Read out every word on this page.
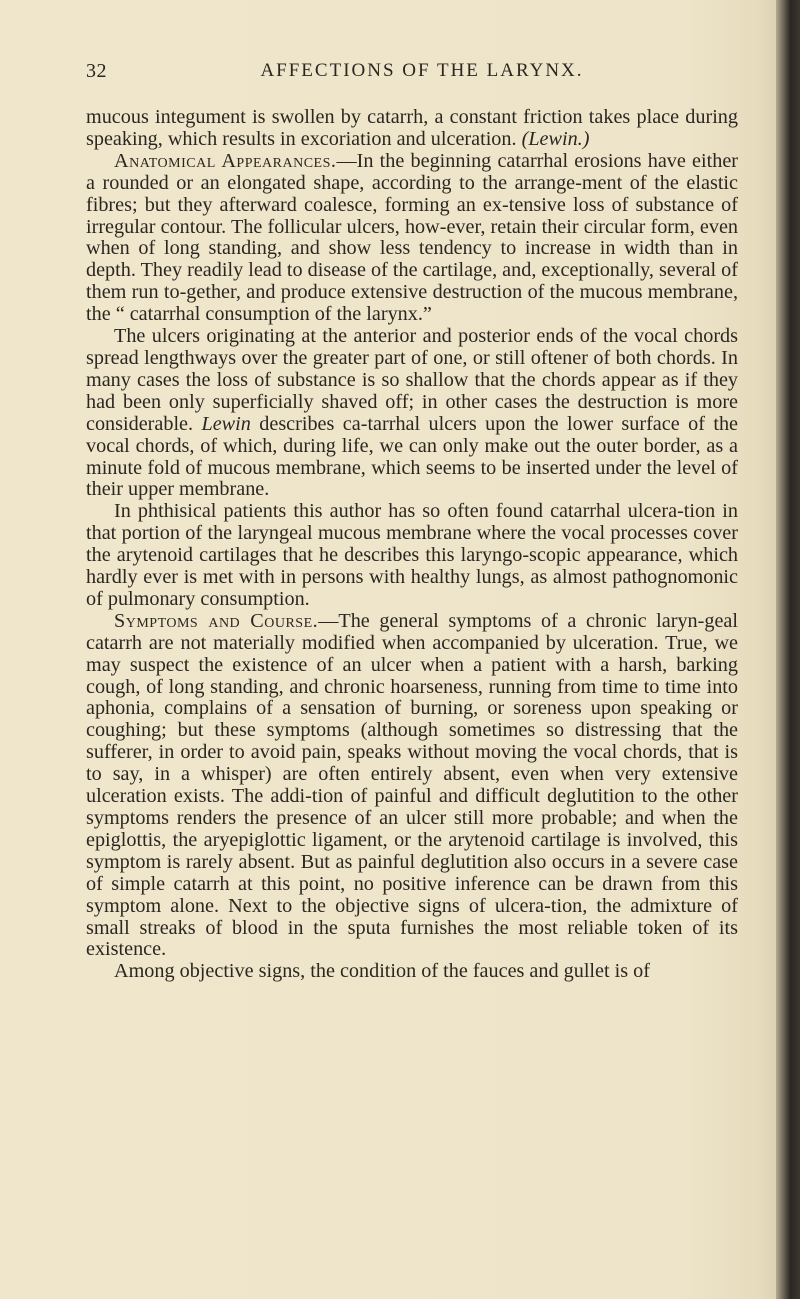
32	AFFECTIONS OF THE LARYNX.

mucous integument is swollen by catarrh, a constant friction takes place during speaking, which results in excoriation and ulceration. (Lewin.)

Anatomical Appearances.—In the beginning catarrhal erosions have either a rounded or an elongated shape, according to the arrange-ment of the elastic fibres; but they afterward coalesce, forming an ex-tensive loss of substance of irregular contour. The follicular ulcers, how-ever, retain their circular form, even when of long standing, and show less tendency to increase in width than in depth. They readily lead to disease of the cartilage, and, exceptionally, several of them run to-gether, and produce extensive destruction of the mucous membrane, the “ catarrhal consumption of the larynx.”

The ulcers originating at the anterior and posterior ends of the vocal chords spread lengthways over the greater part of one, or still oftener of both chords. In many cases the loss of substance is so shallow that the chords appear as if they had been only superficially shaved off; in other cases the destruction is more considerable. Lewin describes ca-tarrhal ulcers upon the lower surface of the vocal chords, of which, during life, we can only make out the outer border, as a minute fold of mucous membrane, which seems to be inserted under the level of their upper membrane.

In phthisical patients this author has so often found catarrhal ulcera-tion in that portion of the laryngeal mucous membrane where the vocal processes cover the arytenoid cartilages that he describes this laryngo-scopic appearance, which hardly ever is met with in persons with healthy lungs, as almost pathognomonic of pulmonary consumption.

Symptoms and Course.—The general symptoms of a chronic laryn-geal catarrh are not materially modified when accompanied by ulceration. True, we may suspect the existence of an ulcer when a patient with a harsh, barking cough, of long standing, and chronic hoarseness, running from time to time into aphonia, complains of a sensation of burning, or soreness upon speaking or coughing; but these symptoms (although sometimes so distressing that the sufferer, in order to avoid pain, speaks without moving the vocal chords, that is to say, in a whisper) are often entirely absent, even when very extensive ulceration exists. The addi-tion of painful and difficult deglutition to the other symptoms renders the presence of an ulcer still more probable; and when the epiglottis, the aryepiglottic ligament, or the arytenoid cartilage is involved, this symptom is rarely absent. But as painful deglutition also occurs in a severe case of simple catarrh at this point, no positive inference can be drawn from this symptom alone. Next to the objective signs of ulcera-tion, the admixture of small streaks of blood in the sputa furnishes the most reliable token of its existence.

Among objective signs, the condition of the fauces and gullet is of
